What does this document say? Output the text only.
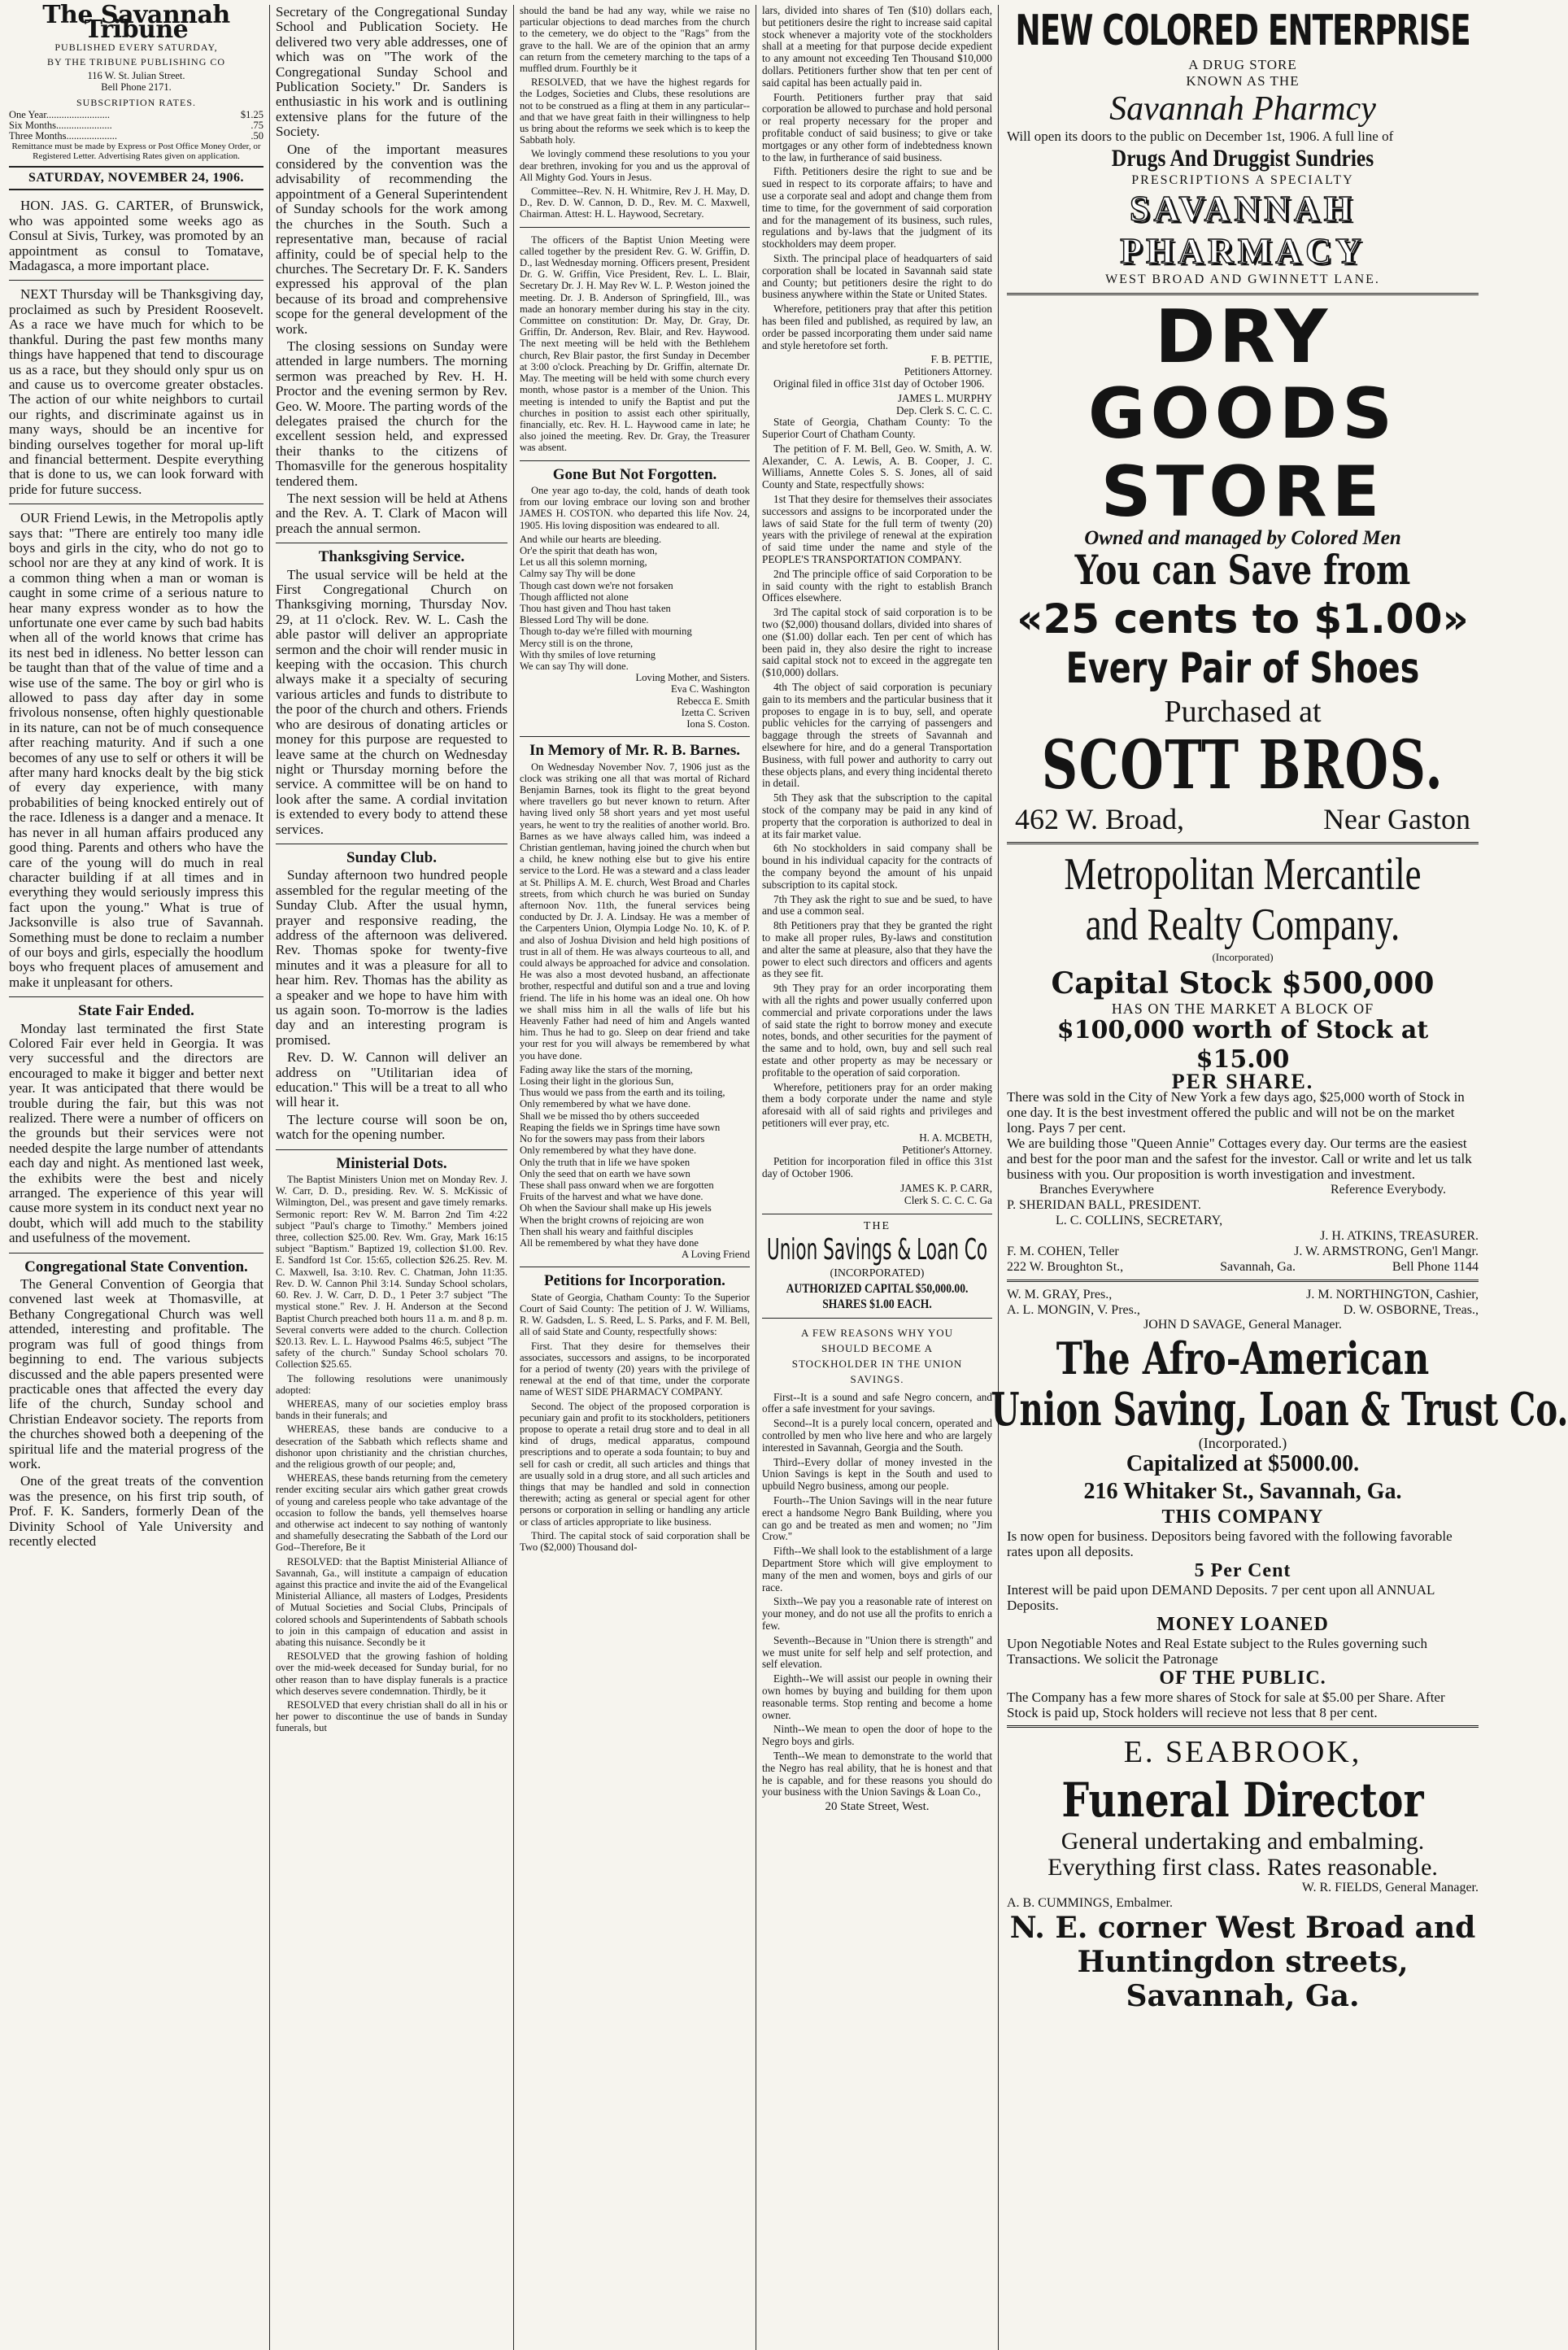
The Savannah Tribune
PUBLISHED EVERY SATURDAY,
BY THE TRIBUNE PUBLISHING CO
116 W. St. Julian Street.
Bell Phone 2171.
SUBSCRIPTION RATES.
One Year.........................	$1.25
Six Months......................	.75
Three Months....................	.50
Remittance must be made by Express or Post Office Money Order, or Registered Letter. Advertising Rates given on application.
SATURDAY, NOVEMBER 24, 1906.

HON. JAS. G. CARTER, of Brunswick, who was appointed some weeks ago as Consul at Sivis, Turkey, was promoted by an appointment as consul to Tomatave, Madagasca, a more important place.

NEXT Thursday will be Thanksgiving day, proclaimed as such by President Roosevelt. As a race we have much for which to be thankful. During the past few months many things have happened that tend to discourage us as a race, but they should only spur us on and cause us to overcome greater obstacles. The action of our white neighbors to curtail our rights, and discriminate against us in many ways, should be an incentive for binding ourselves together for moral up-lift and financial betterment. Despite everything that is done to us, we can look forward with pride for future success.

OUR Friend Lewis, in the Metropolis aptly says that: "There are entirely too many idle boys and girls in the city, who do not go to school nor are they at any kind of work. It is a common thing when a man or woman is caught in some crime of a serious nature to hear many express wonder as to how the unfortunate one ever came by such bad habits when all of the world knows that crime has its nest bed in idleness. No better lesson can be taught than that of the value of time and a wise use of the same. The boy or girl who is allowed to pass day after day in some frivolous nonsense, often highly questionable in its nature, can not be of much consequence after reaching maturity. And if such a one becomes of any use to self or others it will be after many hard knocks dealt by the big stick of every day experience, with many probabilities of being knocked entirely out of the race. Idleness is a danger and a menace. It has never in all human affairs produced any good thing. Parents and others who have the care of the young will do much in real character building if at all times and in everything they would seriously impress this fact upon the young." What is true of Jacksonville is also true of Savannah. Something must be done to reclaim a number of our boys and girls, especially the hoodlum boys who frequent places of amusement and make it unpleasant for others.

State Fair Ended.

Monday last terminated the first State Colored Fair ever held in Georgia. It was very successful and the directors are encouraged to make it bigger and better next year. It was anticipated that there would be trouble during the fair, but this was not realized. There were a number of officers on the grounds but their services were not needed despite the large number of attendants each day and night. As mentioned last week, the exhibits were the best and nicely arranged. The experience of this year will cause more system in its conduct next year no doubt, which will add much to the stability and usefulness of the movement.

Congregational State Convention.

The General Convention of Georgia that convened last week at Thomasville, at Bethany Congregational Church was well attended, interesting and profitable. The program was full of good things from beginning to end. The various subjects discussed and the able papers presented were practicable ones that affected the every day life of the church, Sunday school and Christian Endeavor society. The reports from the churches showed both a deepening of the spiritual life and the material progress of the work.

One of the great treats of the convention was the presence, on his first trip south, of Prof. F. K. Sanders, formerly Dean of the Divinity School of Yale University and recently elected

Secretary of the Congregational Sunday School and Publication Society. He delivered two very able addresses, one of which was on "The work of the Congregational Sunday School and Publication Society." Dr. Sanders is enthusiastic in his work and is outlining extensive plans for the future of the Society.

One of the important measures considered by the convention was the advisability of recommending the appointment of a General Superintendent of Sunday schools for the work among the churches in the South. Such a representative man, because of racial affinity, could be of special help to the churches. The Secretary Dr. F. K. Sanders expressed his approval of the plan because of its broad and comprehensive scope for the general development of the work.

The closing sessions on Sunday were attended in large numbers. The morning sermon was preached by Rev. H. H. Proctor and the evening sermon by Rev. Geo. W. Moore. The parting words of the delegates praised the church for the excellent session held, and expressed their thanks to the citizens of Thomasville for the generous hospitality tendered them.

The next session will be held at Athens and the Rev. A. T. Clark of Macon will preach the annual sermon.

Thanksgiving Service.

The usual service will be held at the First Congregational Church on Thanksgiving morning, Thursday Nov. 29, at 11 o'clock. Rev. W. L. Cash the able pastor will deliver an appropriate sermon and the choir will render music in keeping with the occasion. This church always make it a specialty of securing various articles and funds to distribute to the poor of the church and others. Friends who are desirous of donating articles or money for this purpose are requested to leave same at the church on Wednesday night or Thursday morning before the service. A committee will be on hand to look after the same. A cordial invitation is extended to every body to attend these services.

Sunday Club.

Sunday afternoon two hundred people assembled for the regular meeting of the Sunday Club. After the usual hymn, prayer and responsive reading, the address of the afternoon was delivered. Rev. Thomas spoke for twenty-five minutes and it was a pleasure for all to hear him. Rev. Thomas has the ability as a speaker and we hope to have him with us again soon. To-morrow is the ladies day and an interesting program is promised.

Rev. D. W. Cannon will deliver an address on "Utilitarian idea of education." This will be a treat to all who will hear it.

The lecture course will soon be on, watch for the opening number.

Ministerial Dots.

The Baptist Ministers Union met on Monday Rev. J. W. Carr, D. D., presiding. Rev. W. S. McKissic of Wilmington, Del., was present and gave timely remarks. Sermonic report: Rev W. M. Barron 2nd Tim 4:22 subject "Paul's charge to Timothy." Members joined three, collection $25.00. Rev. Wm. Gray, Mark 16:15 subject "Baptism." Baptized 19, collection $1.00. Rev. E. Sandford 1st Cor. 15:65, collection $26.25. Rev. M. C. Maxwell, Isa. 3:10. Rev. C. Chatman, John 11:35. Rev. D. W. Cannon Phil 3:14. Sunday School scholars, 60. Rev. J. W. Carr, D. D., 1 Peter 3:7 subject "The mystical stone." Rev. J. H. Anderson at the Second Baptist Church preached both hours 11 a. m. and 8 p. m. Several converts were added to the church. Collection $20.13. Rev. L. L. Haywood Psalms 46:5, subject "The safety of the church." Sunday School scholars 70. Collection $25.65.

The following resolutions were unanimously adopted:

WHEREAS, many of our societies employ brass bands in their funerals; and

WHEREAS, these bands are conducive to a desecration of the Sabbath which reflects shame and dishonor upon christianity and the christian churches, and the religious growth of our people; and,

WHEREAS, these bands returning from the cemetery render exciting secular airs which gather great crowds of young and careless people who take advantage of the occasion to follow the bands, yell themselves hoarse and otherwise act indecent to say nothing of wantonly and shamefully desecrating the Sabbath of the Lord our God--Therefore, Be it

RESOLVED: that the Baptist Ministerial Alliance of Savannah, Ga., will institute a campaign of education against this practice and invite the aid of the Evangelical Ministerial Alliance, all masters of Lodges, Presidents of Mutual Societies and Social Clubs, Principals of colored schools and Superintendents of Sabbath schools to join in this campaign of education and assist in abating this nuisance. Secondly be it

RESOLVED that the growing fashion of holding over the mid-week deceased for Sunday burial, for no other reason than to have display funerals is a practice which deserves severe condemnation. Thirdly, be it

RESOLVED that every christian shall do all in his or her power to discontinue the use of bands in Sunday funerals, but

should the band be had any way, while we raise no particular objections to dead marches from the church to the cemetery, we do object to the "Rags" from the grave to the hall. We are of the opinion that an army can return from the cemetery marching to the taps of a muffled drum. Fourthly be it

RESOLVED, that we have the highest regards for the Lodges, Societies and Clubs, these resolutions are not to be construed as a fling at them in any particular--and that we have great faith in their willingness to help us bring about the reforms we seek which is to keep the Sabbath holy.

We lovingly commend these resolutions to you your dear brethren, invoking for you and us the approval of All Mighty God. Yours in Jesus.

Committee--Rev. N. H. Whitmire, Rev J. H. May, D. D., Rev. D. W. Cannon, D. D., Rev. M. C. Maxwell, Chairman. Attest: H. L. Haywood, Secretary.

The officers of the Baptist Union Meeting were called together by the president Rev. G. W. Griffin, D. D., last Wednesday morning. Officers present, President Dr. G. W. Griffin, Vice President, Rev. L. L. Blair, Secretary Dr. J. H. May Rev W. L. P. Weston joined the meeting. Dr. J. B. Anderson of Springfield, Ill., was made an honorary member during his stay in the city. Committee on constitution: Dr. May, Dr. Gray, Dr. Griffin, Dr. Anderson, Rev. Blair, and Rev. Haywood. The next meeting will be held with the Bethlehem church, Rev Blair pastor, the first Sunday in December at 3:00 o'clock. Preaching by Dr. Griffin, alternate Dr. May. The meeting will be held with some church every month, whose pastor is a member of the Union. This meeting is intended to unify the Baptist and put the churches in position to assist each other spiritually, financially, etc. Rev. H. L. Haywood came in late; he also joined the meeting. Rev. Dr. Gray, the Treasurer was absent.

Gone But Not Forgotten.

One year ago to-day, the cold, hands of death took from our loving embrace our loving son and brother JAMES H. COSTON. who departed this life Nov. 24, 1905. His loving disposition was endeared to all.

And while our hearts are bleeding.

Or'e the spirit that death has won,

Let us all this solemn morning,

Calmy say Thy will be done

Though cast down we're not forsaken

Though afflicted not alone

Thou hast given and Thou hast taken

Blessed Lord Thy will be done.

Though to-day we're filled with mourning

Mercy still is on the throne,

With thy smiles of love returning

We can say Thy will done.

Loving Mother, and Sisters.

Eva C. Washington

Rebecca E. Smith

Izetta C. Scriven

Iona S. Coston.

In Memory of Mr. R. B. Barnes.

On Wednesday November Nov. 7, 1906 just as the clock was striking one all that was mortal of Richard Benjamin Barnes, took its flight to the great beyond where travellers go but never known to return. After having lived only 58 short years and yet most useful years, he went to try the realities of another world. Bro. Barnes as we have always called him, was indeed a Christian gentleman, having joined the church when but a child, he knew nothing else but to give his entire service to the Lord. He was a steward and a class leader at St. Phillips A. M. E. church, West Broad and Charles streets, from which church he was buried on Sunday afternoon Nov. 11th, the funeral services being conducted by Dr. J. A. Lindsay. He was a member of the Carpenters Union, Olympia Lodge No. 10, K. of P. and also of Joshua Division and held high positions of trust in all of them. He was always courteous to all, and could always be approached for advice and consolation. He was also a most devoted husband, an affectionate brother, respectful and dutiful son and a true and loving friend. The life in his home was an ideal one. Oh how we shall miss him in all the walls of life but his Heavenly Father had need of him and Angels wanted him. Thus he had to go. Sleep on dear friend and take your rest for you will always be remembered by what you have done.

Fading away like the stars of the morning,

Losing their light in the glorious Sun,

Thus would we pass from the earth and its toiling,

Only remembered by what we have done.

Shall we be missed tho by others succeeded

Reaping the fields we in Springs time have sown

No for the sowers may pass from their labors

Only remembered by what they have done.

Only the truth that in life we have spoken

Only the seed that on earth we have sown

These shall pass onward when we are forgotten

Fruits of the harvest and what we have done.

Oh when the Saviour shall make up His jewels

When the bright crowns of rejoicing are won

Then shall his weary and faithful disciples

All be remembered by what they have done

A Loving Friend

Petitions for Incorporation.

State of Georgia, Chatham County: To the Superior Court of Said County: The petition of J. W. Williams, R. W. Gadsden, L. S. Reed, L. S. Parks, and F. M. Bell, all of said State and County, respectfully shows:

First. That they desire for themselves their associates, successors and assigns, to be incorporated for a period of twenty (20) years with the privilege of renewal at the end of that time, under the corporate name of WEST SIDE PHARMACY COMPANY.

Second. The object of the proposed corporation is pecuniary gain and profit to its stockholders, petitioners propose to operate a retail drug store and to deal in all kind of drugs, medical apparatus, compound prescriptions and to operate a soda fountain; to buy and sell for cash or credit, all such articles and things that are usually sold in a drug store, and all such articles and things that may be handled and sold in connection therewith; acting as general or special agent for other persons or corporation in selling or handling any article or class of articles appropriate to like business.

Third. The capital stock of said corporation shall be Two ($2,000) Thousand dol-

lars, divided into shares of Ten ($10) dollars each, but petitioners desire the right to increase said capital stock whenever a majority vote of the stockholders shall at a meeting for that purpose decide expedient to any amount not exceeding Ten Thousand $10,000 dollars. Petitioners further show that ten per cent of said capital has been actually paid in.

Fourth. Petitioners further pray that said corporation be allowed to purchase and hold personal or real property necessary for the proper and profitable conduct of said business; to give or take mortgages or any other form of indebtedness known to the law, in furtherance of said business.

Fifth. Petitioners desire the right to sue and be sued in respect to its corporate affairs; to have and use a corporate seal and adopt and change them from time to time, for the government of said corporation and for the management of its business, such rules, regulations and by-laws that the judgment of its stockholders may deem proper.

Sixth. The principal place of headquarters of said corporation shall be located in Savannah said state and County; but petitioners desire the right to do business anywhere within the State or United States.

Wherefore, petitioners pray that after this petition has been filed and published, as required by law, an order be passed incorporating them under said name and style heretofore set forth.

F. B. PETTIE,

Petitioners Attorney.

Original filed in office 31st day of October 1906.

JAMES L. MURPHY

Dep. Clerk S. C. C. C.

State of Georgia, Chatham County: To the Superior Court of Chatham County.

The petition of F. M. Bell, Geo. W. Smith, A. W. Alexander, C. A. Lewis, A. B. Cooper, J. C. Williams, Annette Coles S. S. Jones, all of said County and State, respectfully shows:

1st That they desire for themselves their associates successors and assigns to be incorporated under the laws of said State for the full term of twenty (20) years with the privilege of renewal at the expiration of said time under the name and style of the PEOPLE'S TRANSPORTATION COMPANY.

2nd The principle office of said Corporation to be in said county with the right to establish Branch Offices elsewhere.

3rd The capital stock of said corporation is to be two ($2,000) thousand dollars, divided into shares of one ($1.00) dollar each. Ten per cent of which has been paid in, they also desire the right to increase said capital stock not to exceed in the aggregate ten ($10,000) dollars.

4th The object of said corporation is pecuniary gain to its members and the particular business that it proposes to engage in is to buy, sell, and operate public vehicles for the carrying of passengers and baggage through the streets of Savannah and elsewhere for hire, and do a general Transportation Business, with full power and authority to carry out these objects plans, and every thing incidental thereto in detail.

5th They ask that the subscription to the capital stock of the company may be paid in any kind of property that the corporation is authorized to deal in at its fair market value.

6th No stockholders in said company shall be bound in his individual capacity for the contracts of the company beyond the amount of his unpaid subscription to its capital stock.

7th They ask the right to sue and be sued, to have and use a common seal.

8th Petitioners pray that they be granted the right to make all proper rules, By-laws and constitution and alter the same at pleasure, also that they have the power to elect such directors and officers and agents as they see fit.

9th They pray for an order incorporating them with all the rights and power usually conferred upon commercial and private corporations under the laws of said state the right to borrow money and execute notes, bonds, and other securities for the payment of the same and to hold, own, buy and sell such real estate and other property as may be necessary or profitable to the operation of said corporation.

Wherefore, petitioners pray for an order making them a body corporate under the name and style aforesaid with all of said rights and privileges and petitioners will ever pray, etc.

H. A. MCBETH,

Petitioner's Attorney.

Petition for incorporation filed in office this 31st day of October 1906.

JAMES K. P. CARR,

Clerk S. C. C. C. Ga

THE
Union Savings & Loan Co
(INCORPORATED)
AUTHORIZED CAPITAL $50,000.00.
SHARES $1.00 EACH.
A FEW REASONS WHY YOU SHOULD BECOME A STOCKHOLDER IN THE UNION SAVINGS.

First--It is a sound and safe Negro concern, and offer a safe investment for your savings.

Second--It is a purely local concern, operated and controlled by men who live here and who are largely interested in Savannah, Georgia and the South.

Third--Every dollar of money invested in the Union Savings is kept in the South and used to upbuild Negro business, among our people.

Fourth--The Union Savings will in the near future erect a handsome Negro Bank Building, where you can go and be treated as men and women; no "Jim Crow."

Fifth--We shall look to the establishment of a large Department Store which will give employment to many of the men and women, boys and girls of our race.

Sixth--We pay you a reasonable rate of interest on your money, and do not use all the profits to enrich a few.

Seventh--Because in "Union there is strength" and we must unite for self help and self protection, and self elevation.

Eighth--We will assist our people in owning their own homes by buying and building for them upon reasonable terms. Stop renting and become a home owner.

Ninth--We mean to open the door of hope to the Negro boys and girls.

Tenth--We mean to demonstrate to the world that the Negro has real ability, that he is honest and that he is capable, and for these reasons you should do your business with the Union Savings & Loan Co.,

20 State Street, West.

NEW COLORED ENTERPRISE
A DRUG STORE
KNOWN AS THE
Savannah Pharmcy
Will open its doors to the public on December 1st, 1906. A full line of
Drugs And Druggist Sundries
PRESCRIPTIONS A SPECIALTY
SAVANNAH PHARMACY
WEST BROAD AND GWINNETT LANE.
DRY
GOODS
STORE
Owned and managed by Colored Men
You can Save from
«25 cents to $1.00»
Every Pair of Shoes
Purchased at
SCOTT BROS.
462 W. Broad,	Near Gaston
Metropolitan Mercantile
and Realty Company.
(Incorporated)
Capital Stock $500,000
HAS ON THE MARKET A BLOCK OF
$100,000 worth of Stock at $15.00
PER SHARE.
There was sold in the City of New York a few days ago, $25,000 worth of Stock in one day. It is the best investment offered the public and will not be on the market long. Pays 7 per cent.
We are building those "Queen Annie" Cottages every day. Our terms are the easiest and best for the poor man and the safest for the investor. Call or write and let us talk business with you. Our proposition is worth investigation and investment.
Branches Everywhere	Reference Everybody.
P. SHERIDAN BALL, PRESIDENT.
L. C. COLLINS, SECRETARY,
J. H. ATKINS, TREASURER.
F. M. COHEN, Teller	J. W. ARMSTRONG, Gen'l Mangr.
222 W. Broughton St.,	Savannah, Ga.	Bell Phone 1144
W. M. GRAY, Pres.,	J. M. NORTHINGTON, Cashier,
A. L. MONGIN, V. Pres.,	D. W. OSBORNE, Treas.,
JOHN D SAVAGE, General Manager.
The Afro-American
Union Saving, Loan & Trust Co.
(Incorporated.)
Capitalized at $5000.00.
216 Whitaker St., Savannah, Ga.
THIS COMPANY
Is now open for business. Depositors being favored with the following favorable rates upon all deposits.
5 Per Cent
Interest will be paid upon DEMAND Deposits. 7 per cent upon all ANNUAL Deposits.
MONEY LOANED
Upon Negotiable Notes and Real Estate subject to the Rules governing such Transactions. We solicit the Patronage
OF THE PUBLIC.
The Company has a few more shares of Stock for sale at $5.00 per Share. After Stock is paid up, Stock holders will recieve not less that 8 per cent.
E. SEABROOK,
Funeral Director
General undertaking and embalming. Everything first class. Rates reasonable.
W. R. FIELDS, General Manager.
A. B. CUMMINGS, Embalmer.
N. E. corner West Broad and Huntingdon streets, Savannah, Ga.
